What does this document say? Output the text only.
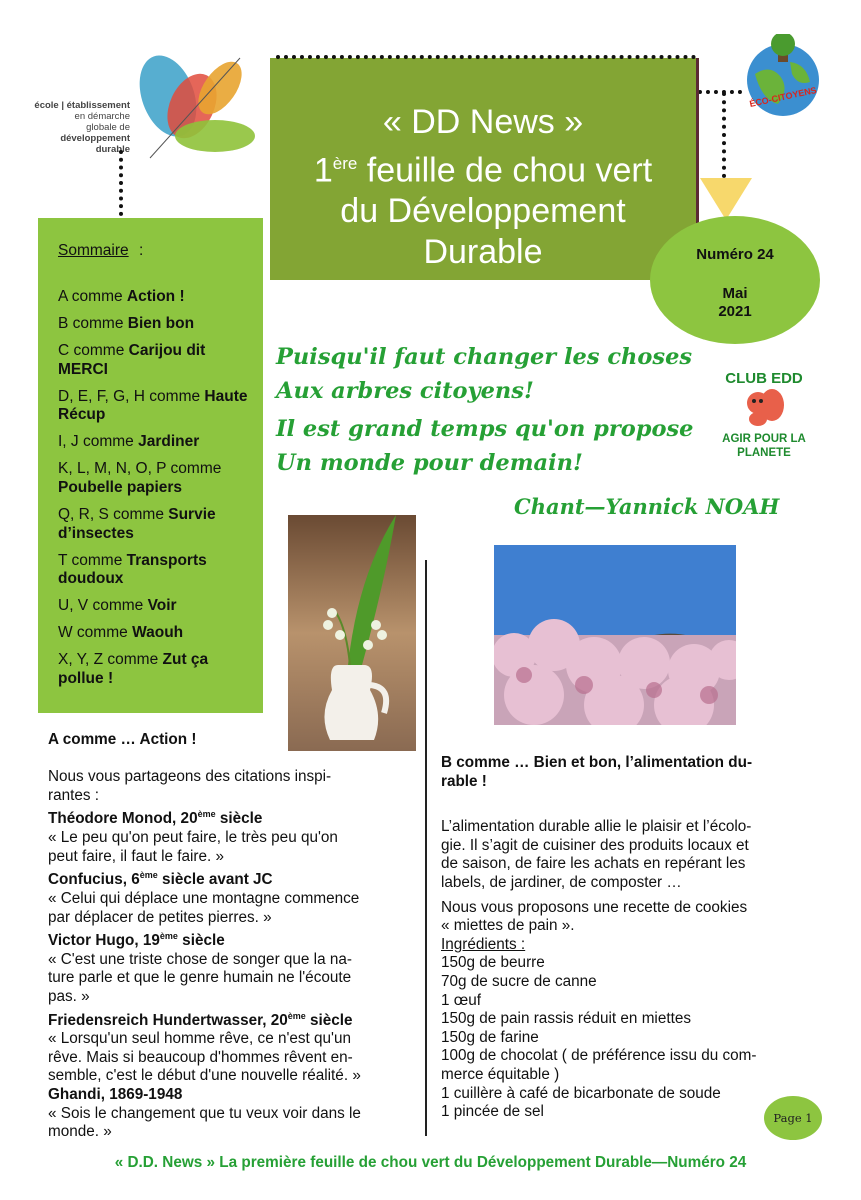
école | établissement
en démarche
globale de
développement
durable
« DD News »
1ère feuille de chou vert
du Développement
Durable	Numéro 24
Mai
2021
ÉCO-CITOYENS
Sommaire :
A comme Action !
B comme Bien bon
C comme Carijou dit MERCI
D, E, F, G, H comme Haute Récup
I, J comme Jardiner
K, L, M, N, O, P comme Poubelle papiers
Q, R, S comme Survie d’insectes
T comme Transports doudoux
U, V comme Voir
W comme Waouh
X, Y, Z comme Zut ça pollue !
Puisqu'il faut changer les choses
Aux arbres citoyens!
Il est grand temps qu'on propose
Un monde pour demain!
Chant—Yannick NOAH
CLUB EDD
AGIR POUR LA
PLANETE

A comme … Action !

Nous vous partageons des citations inspi-

rantes :

Théodore Monod, 20ème siècle

« Le peu qu'on peut faire, le très peu qu'on

peut faire, il faut le faire. »

Confucius, 6ème siècle avant JC

« Celui qui déplace une montagne commence

par déplacer de petites pierres. »

Victor Hugo, 19ème siècle

« C'est une triste chose de songer que la na-

ture parle et que le genre humain ne l'écoute

pas. »

Friedensreich Hundertwasser, 20ème siècle

« Lorsqu'un seul homme rêve, ce n'est qu'un

rêve. Mais si beaucoup d'hommes rêvent en-

semble, c'est le début d'une nouvelle réalité. »

Ghandi, 1869-1948

« Sois le changement que tu veux voir dans le

monde. »

B comme … Bien et bon, l’alimentation du-

rable !

L’alimentation durable allie le plaisir et l’écolo-

gie. Il s’agit de cuisiner des produits locaux et

de saison, de faire les achats en repérant les

labels, de jardiner, de composter …

Nous vous proposons une recette de cookies

« miettes de pain ».

Ingrédients :

150g de beurre

70g de sucre de canne

1 œuf

150g de pain rassis réduit en miettes

150g de farine

100g de chocolat ( de préférence issu du com-

merce équitable )

1 cuillère à café de bicarbonate de soude

1 pincée de sel	Page 1
« D.D. News » La première feuille de chou vert du Développement Durable—Numéro 24
